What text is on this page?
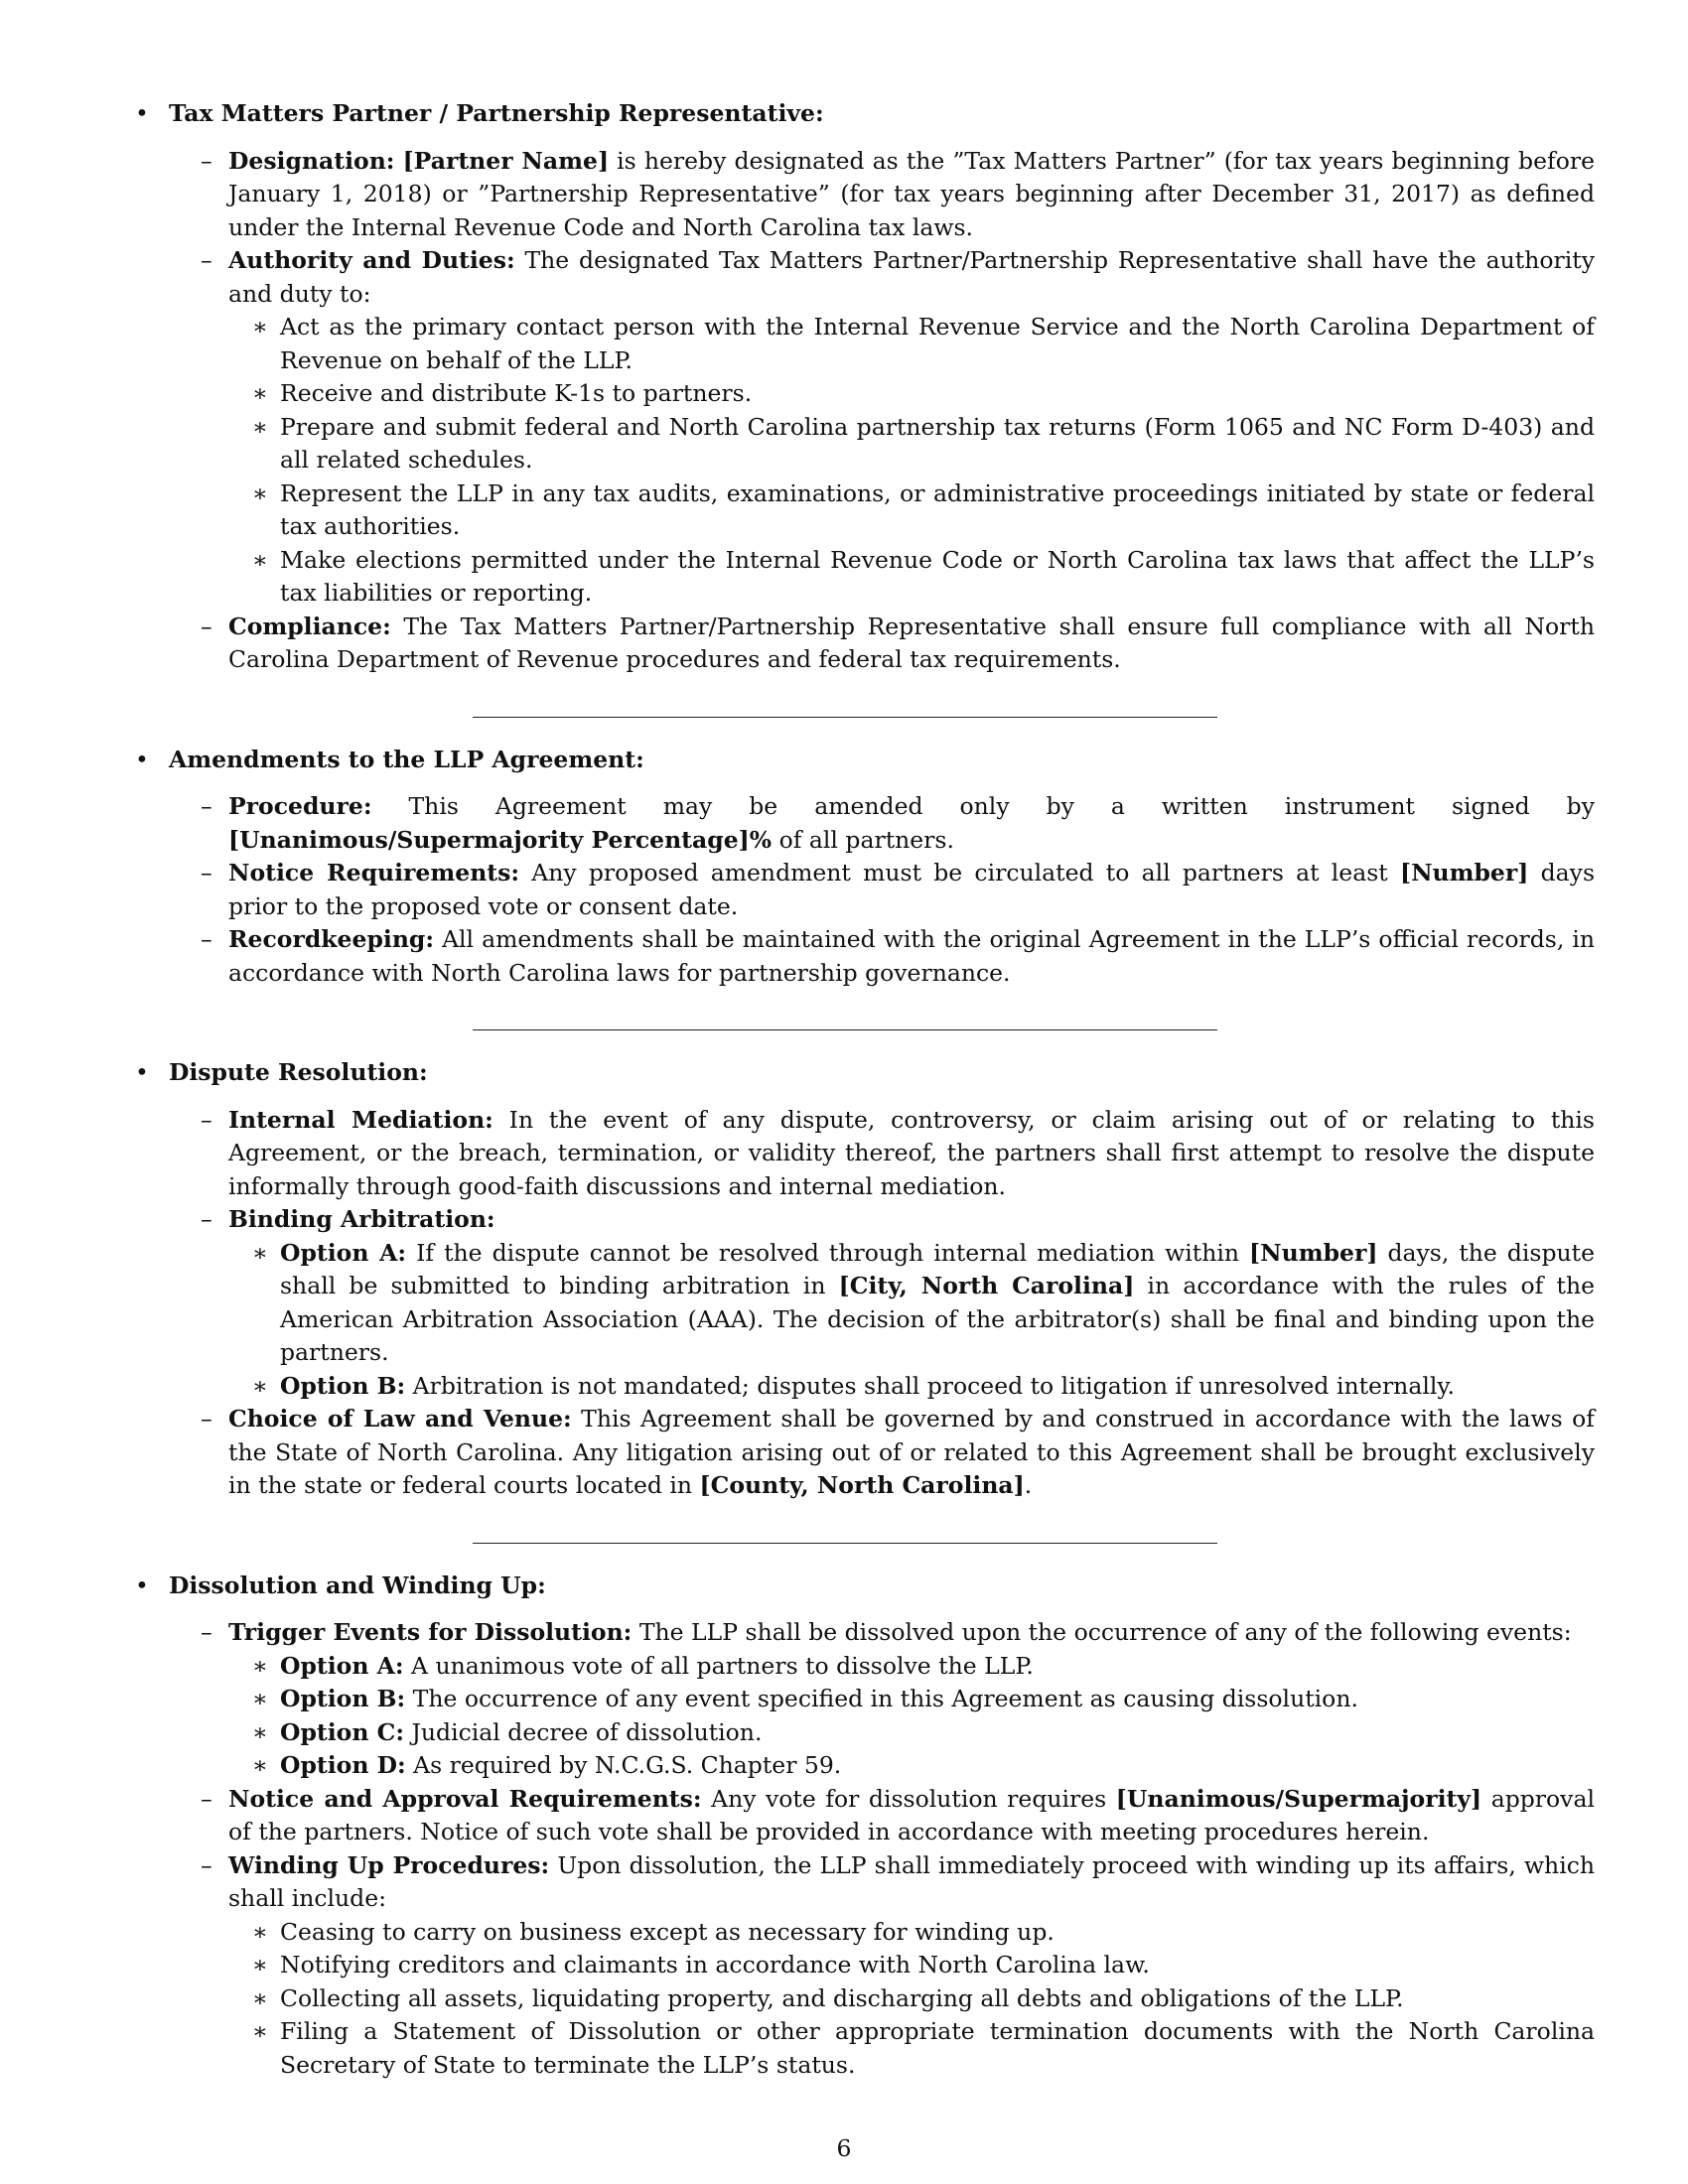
• Tax Matters Partner / Partnership Representative:
– Designation: [Partner Name] is hereby designated as the ”Tax Matters Partner” (for tax years beginning before January 1, 2018) or ”Partnership Representative” (for tax years beginning after December 31, 2017) as defined under the Internal Revenue Code and North Carolina tax laws.
– Authority and Duties: The designated Tax Matters Partner/Partnership Representative shall have the authority and duty to:
∗ Act as the primary contact person with the Internal Revenue Service and the North Carolina Department of Revenue on behalf of the LLP.
∗ Receive and distribute K-1s to partners.
∗ Prepare and submit federal and North Carolina partnership tax returns (Form 1065 and NC Form D-403) and all related schedules.
∗ Represent the LLP in any tax audits, examinations, or administrative proceedings initiated by state or federal tax authorities.
∗ Make elections permitted under the Internal Revenue Code or North Carolina tax laws that affect the LLP’s tax liabilities or reporting.
– Compliance: The Tax Matters Partner/Partnership Representative shall ensure full compliance with all North Carolina Department of Revenue procedures and federal tax requirements.
• Amendments to the LLP Agreement:
– Procedure: This Agreement may be amended only by a written instrument signed by [Unanimous/Supermajority Percentage]% of all partners.
– Notice Requirements: Any proposed amendment must be circulated to all partners at least [Number] days prior to the proposed vote or consent date.
– Recordkeeping: All amendments shall be maintained with the original Agreement in the LLP’s official records, in accordance with North Carolina laws for partnership governance.
• Dispute Resolution:
– Internal Mediation: In the event of any dispute, controversy, or claim arising out of or relating to this Agreement, or the breach, termination, or validity thereof, the partners shall first attempt to resolve the dispute informally through good-faith discussions and internal mediation.
– Binding Arbitration:
∗ Option A: If the dispute cannot be resolved through internal mediation within [Number] days, the dispute shall be submitted to binding arbitration in [City, North Carolina] in accordance with the rules of the American Arbitration Association (AAA). The decision of the arbitrator(s) shall be final and binding upon the partners.
∗ Option B: Arbitration is not mandated; disputes shall proceed to litigation if unresolved internally.
– Choice of Law and Venue: This Agreement shall be governed by and construed in accordance with the laws of the State of North Carolina. Any litigation arising out of or related to this Agreement shall be brought exclusively in the state or federal courts located in [County, North Carolina].
• Dissolution and Winding Up:
– Trigger Events for Dissolution: The LLP shall be dissolved upon the occurrence of any of the following events:
∗ Option A: A unanimous vote of all partners to dissolve the LLP.
∗ Option B: The occurrence of any event specified in this Agreement as causing dissolution.
∗ Option C: Judicial decree of dissolution.
∗ Option D: As required by N.C.G.S. Chapter 59.
– Notice and Approval Requirements: Any vote for dissolution requires [Unanimous/Supermajority] approval of the partners. Notice of such vote shall be provided in accordance with meeting procedures herein.
– Winding Up Procedures: Upon dissolution, the LLP shall immediately proceed with winding up its affairs, which shall include:
∗ Ceasing to carry on business except as necessary for winding up.
∗ Notifying creditors and claimants in accordance with North Carolina law.
∗ Collecting all assets, liquidating property, and discharging all debts and obligations of the LLP.
∗ Filing a Statement of Dissolution or other appropriate termination documents with the North Carolina Secretary of State to terminate the LLP’s status.
6
